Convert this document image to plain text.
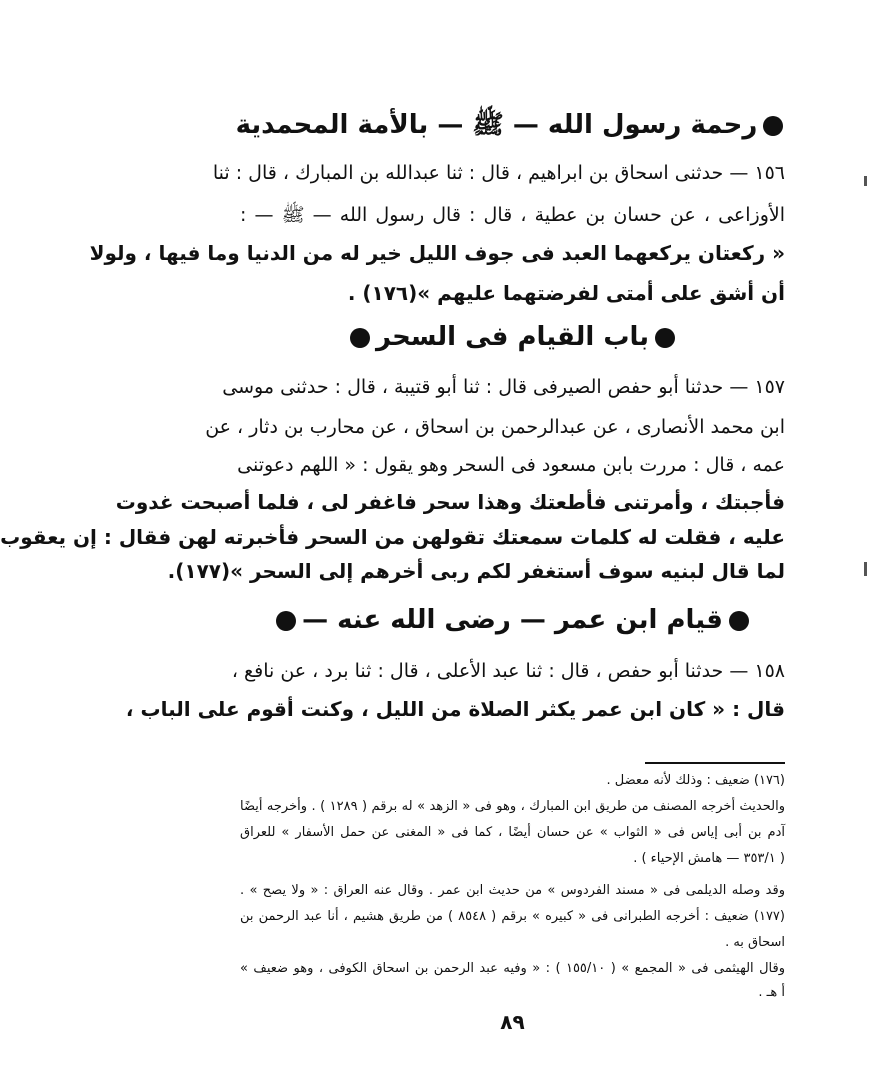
رحمة رسول الله — ﷺ — بالأمة المحمدية
١٥٦ — حدثنى اسحاق بن ابراهيم ، قال : ثنا عبدالله بن المبارك ، قال : ثنا
الأوزاعى ، عن حسان بن عطية ، قال : قال رسول الله — ﷺ — :
« ركعتان يركعهما العبد فى جوف الليل خير له من الدنيا وما فيها ، ولولا
أن أشق على أمتى لفرضتهما عليهم »(١٧٦) .
باب القيام فى السحر
١٥٧ — حدثنا أبو حفص الصيرفى قال : ثنا أبو قتيبة ، قال : حدثنى موسى
ابن محمد الأنصارى ، عن عبدالرحمن بن اسحاق ، عن محارب بن دثار ، عن
عمه ، قال : مررت بابن مسعود فى السحر وهو يقول : « اللهم دعوتنى
فأجبتك ، وأمرتنى فأطعتك وهذا سحر فاغفر لى ، فلما أصبحت غدوت
عليه ، فقلت له كلمات سمعتك تقولهن من السحر فأخبرته لهن فقال : إن يعقوب
لما قال لبنيه سوف أستغفر لكم ربى أخرهم إلى السحر »(١٧٧).
قيام ابن عمر — رضى الله عنه —
١٥٨ — حدثنا أبو حفص ، قال : ثنا عبد الأعلى ، قال : ثنا برد ، عن نافع ،
قال : « كان ابن عمر يكثر الصلاة من الليل ، وكنت أقوم على الباب ،
(١٧٦) ضعيف : وذلك لأنه معضل .
والحديث أخرجه المصنف من طريق ابن المبارك ، وهو فى « الزهد » له برقم ( ١٢٨٩ ) . وأخرجه أيضًا
آدم بن أبى إياس فى « الثواب » عن حسان أيضًا ، كما فى « المغنى عن حمل الأسفار » للعراق
( ٣٥٣/١ — هامش الإحياء ) .
وقد وصله الديلمى فى « مسند الفردوس » من حديث ابن عمر . وقال عنه العراق : « ولا يصح » .
(١٧٧) ضعيف : أخرجه الطبرانى فى « كبيره » برقم ( ٨٥٤٨ ) من طريق هشيم ، أنا عبد الرحمن بن
اسحاق به .
وقال الهيثمى فى « المجمع » ( ١٥٥/١٠ ) : « وفيه عبد الرحمن بن اسحاق الكوفى ، وهو ضعيف »
أ هـ .
٨٩
